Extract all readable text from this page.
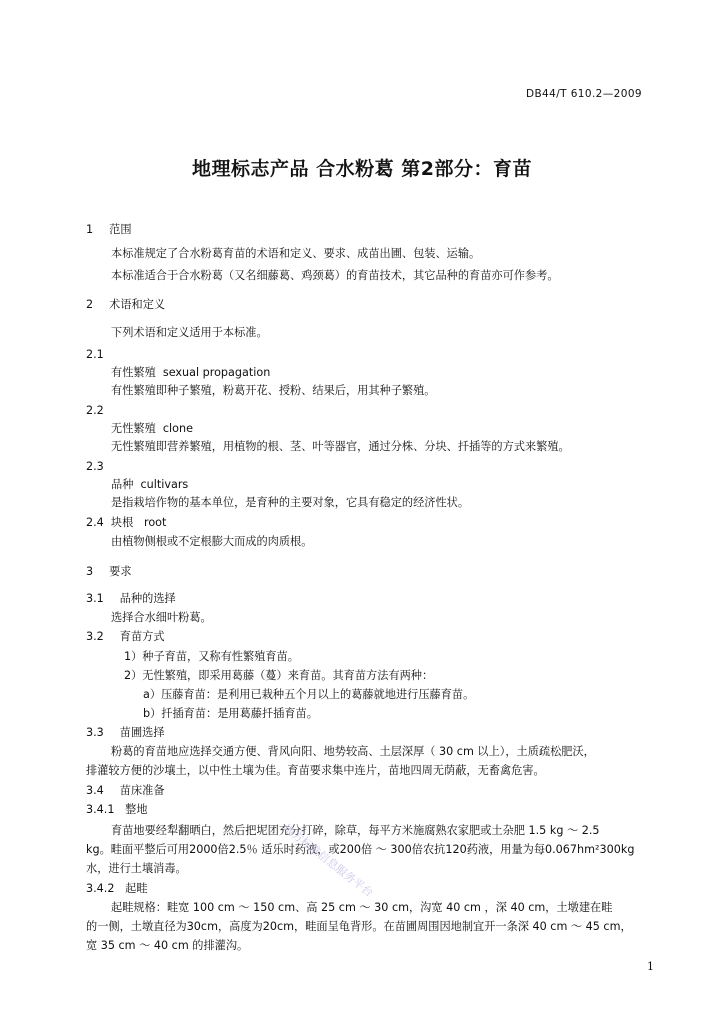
DB44/T 610.2—2009
地理标志产品 合水粉葛 第2部分：育苗
1 范围
本标准规定了合水粉葛育苗的术语和定义、要求、成苗出圃、包装、运输。
本标准适合于合水粉葛（又名细藤葛、鸡颈葛）的育苗技术，其它品种的育苗亦可作参考。
2 术语和定义
下列术语和定义适用于本标准。
2.1
有性繁殖 sexual propagation
有性繁殖即种子繁殖，粉葛开花、授粉、结果后，用其种子繁殖。
2.2
无性繁殖 clone
无性繁殖即营养繁殖，用植物的根、茎、叶等器官，通过分株、分块、扦插等的方式来繁殖。
2.3
品种 cultivars
是指栽培作物的基本单位，是育种的主要对象，它具有稳定的经济性状。
2.4 块根 root
由植物侧根或不定根膨大而成的肉质根。
3 要求
3.1 品种的选择
选择合水细叶粉葛。
3.2 育苗方式
1）种子育苗，又称有性繁殖育苗。
2）无性繁殖，即采用葛藤（蔓）来育苗。其育苗方法有两种：
a）压藤育苗：是利用已栽种五个月以上的葛藤就地进行压藤育苗。
b）扦插育苗：是用葛藤扦插育苗。
3.3 苗圃选择
粉葛的育苗地应选择交通方便、背风向阳、地势较高、土层深厚（ 30 cm 以上），土质疏松肥沃，
排灌较方便的沙壤土，以中性土壤为佳。育苗要求集中连片，苗地四周无荫蔽，无畜禽危害。
3.4 苗床准备
3.4.1 整地
育苗地要经犁翻晒白，然后把坭团充分打碎，除草，每平方米施腐熟农家肥或土杂肥 1.5 kg ～ 2.5
kg。畦面平整后可用2000倍2.5％ 适乐时药液，或200倍 ～ 300倍农抗120药液，用量为每0.067hm²300kg
水，进行土壤消毒。
3.4.2 起畦
起畦规格：畦宽 100 cm ～ 150 cm、高 25 cm ～ 30 cm，沟宽 40 cm ，深 40 cm，土墩建在畦
的一侧，土墩直径为30cm，高度为20cm，畦面呈龟背形。在苗圃周围因地制宜开一条深 40 cm ～ 45 cm，
宽 35 cm ～ 40 cm 的排灌沟。
地方标准信息服务平台
1
